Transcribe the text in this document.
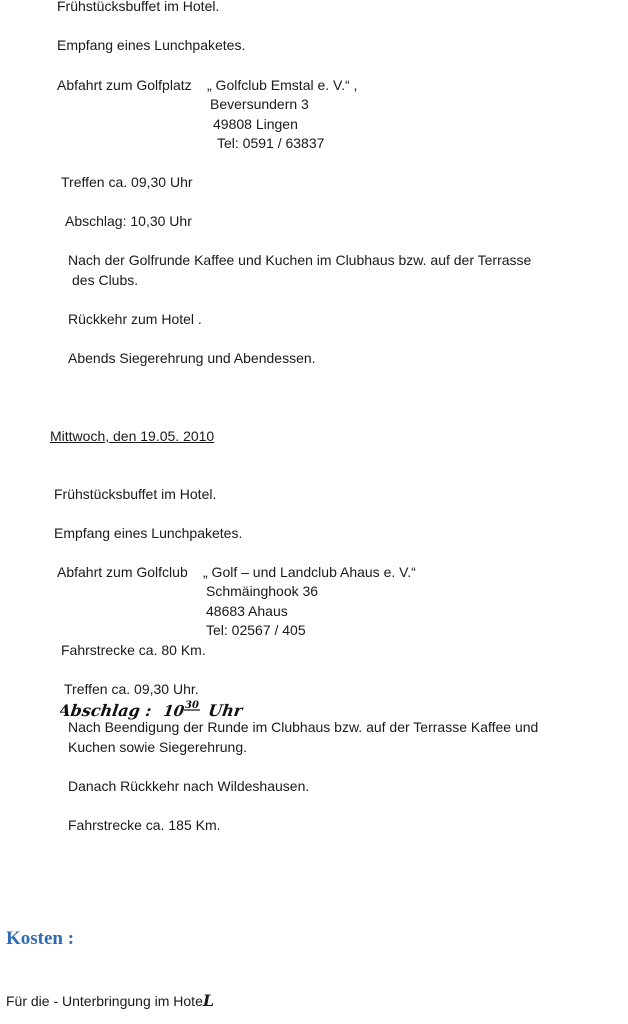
Frühstücksbuffet im Hotel.
Empfang eines Lunchpaketes.
Abfahrt zum Golfplatz „ Golfclub Emstal e. V.“ ,
Beversundern 3
49808 Lingen
Tel: 0591 / 63837
Treffen ca. 09,30 Uhr
Abschlag: 10,30 Uhr
Nach der Golfrunde Kaffee und Kuchen im Clubhaus bzw. auf der Terrasse
des Clubs.
Rückkehr zum Hotel .
Abends Siegerehrung und Abendessen.
Mittwoch, den 19.05. 2010
Frühstücksbuffet im Hotel.
Empfang eines Lunchpaketes.
Abfahrt zum Golfclub „ Golf – und Landclub Ahaus e. V.“
Schmäinghook 36
48683 Ahaus
Tel: 02567 / 405
Fahrstrecke ca. 80 Km.
Treffen ca. 09,30 Uhr.
Abschlag : 10 30 Uhr
Nach Beendigung der Runde im Clubhaus bzw. auf der Terrasse Kaffee und
Kuchen sowie Siegerehrung.
Danach Rückkehr nach Wildeshausen.
Fahrstrecke ca. 185 Km.
Kosten :
Für die - Unterbringung im HoteL
